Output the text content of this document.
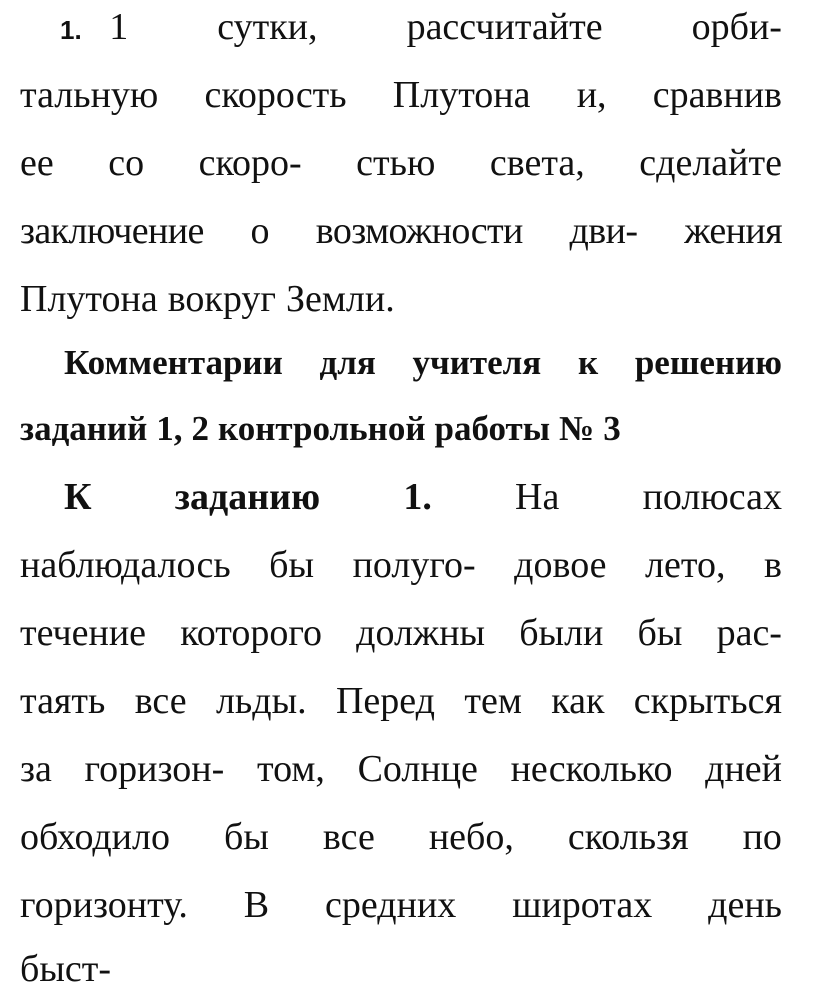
1. 1 сутки, рассчитайте орби-
тальную скорость Плутона и, сравнив
ее со скоро- стью света, сделайте
заключение о возможности дви- жения
Плутона вокруг Земли.
Комментарии для учителя к решению
заданий 1, 2 контрольной работы № 3
К заданию 1. На полюсах
наблюдалось бы полуго- довое лето, в
течение которого должны были бы рас-
таять все льды. Перед тем как скрыться
за горизон- том, Солнце несколько дней
обходило бы все небо, скользя по
горизонту. В средних широтах день
быст-
